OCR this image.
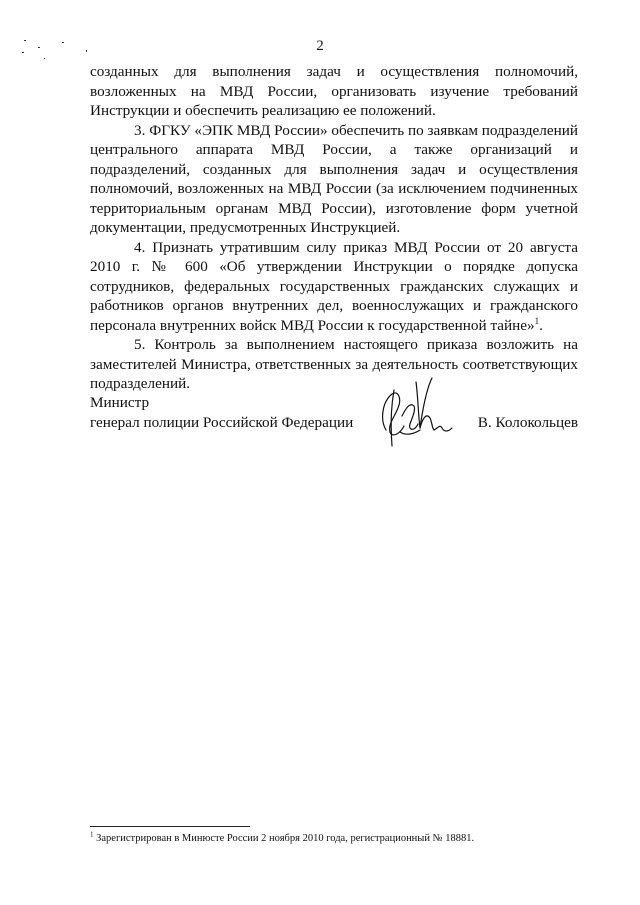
2

созданных для выполнения задач и осуществления полномочий, возложенных на МВД России, организовать изучение требований Инструкции и обеспечить реализацию ее положений.

3. ФГКУ «ЭПК МВД России» обеспечить по заявкам подразделений центрального аппарата МВД России, а также организаций и подразделений, созданных для выполнения задач и осуществления полномочий, возложенных на МВД России (за исключением подчиненных территориальным органам МВД России), изготовление форм учетной документации, предусмотренных Инструкцией.

4. Признать утратившим силу приказ МВД России от 20 августа 2010 г. № 600 «Об утверждении Инструкции о порядке допуска сотрудников, федеральных государственных гражданских служащих и работников органов внутренних дел, военнослужащих и гражданского персонала внутренних войск МВД России к государственной тайне»$^1$.

5. Контроль за выполнением настоящего приказа возложить на заместителей Министра, ответственных за деятельность соответствующих подразделений.

Министр
генерал полиции Российской Федерации	В. Колокольцев
$^1$ Зарегистрирован в Минюсте России 2 ноября 2010 года, регистрационный № 18881.
